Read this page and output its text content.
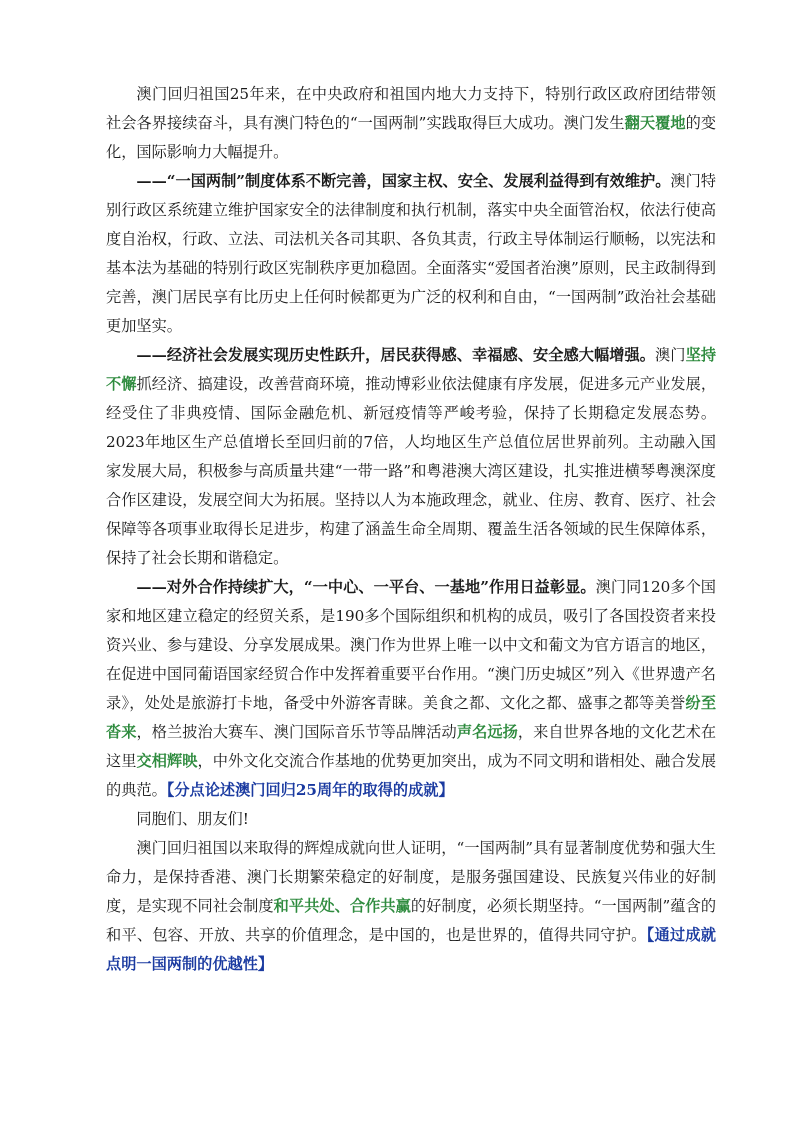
澳门回归祖国25年来，在中央政府和祖国内地大力支持下，特别行政区政府团结带领社会各界接续奋斗，具有澳门特色的“一国两制”实践取得巨大成功。澳门发生翻天覆地的变化，国际影响力大幅提升。

——“一国两制”制度体系不断完善，国家主权、安全、发展利益得到有效维护。澳门特别行政区系统建立维护国家安全的法律制度和执行机制，落实中央全面管治权，依法行使高度自治权，行政、立法、司法机关各司其职、各负其责，行政主导体制运行顺畅，以宪法和基本法为基础的特别行政区宪制秩序更加稳固。全面落实“爱国者治澳”原则，民主政制得到完善，澳门居民享有比历史上任何时候都更为广泛的权利和自由，“一国两制”政治社会基础更加坚实。

——经济社会发展实现历史性跃升，居民获得感、幸福感、安全感大幅增强。澳门坚持不懈抓经济、搞建设，改善营商环境，推动博彩业依法健康有序发展，促进多元产业发展，经受住了非典疫情、国际金融危机、新冠疫情等严峻考验，保持了长期稳定发展态势。2023年地区生产总值增长至回归前的7倍，人均地区生产总值位居世界前列。主动融入国家发展大局，积极参与高质量共建“一带一路”和粤港澳大湾区建设，扎实推进横琴粤澳深度合作区建设，发展空间大为拓展。坚持以人为本施政理念，就业、住房、教育、医疗、社会保障等各项事业取得长足进步，构建了涵盖生命全周期、覆盖生活各领域的民生保障体系，保持了社会长期和谐稳定。

——对外合作持续扩大，“一中心、一平台、一基地”作用日益彰显。澳门同120多个国家和地区建立稳定的经贸关系，是190多个国际组织和机构的成员，吸引了各国投资者来投资兴业、参与建设、分享发展成果。澳门作为世界上唯一以中文和葡文为官方语言的地区，在促进中国同葡语国家经贸合作中发挥着重要平台作用。“澳门历史城区”列入《世界遗产名录》，处处是旅游打卡地，备受中外游客青睐。美食之都、文化之都、盛事之都等美誉纷至沓来，格兰披治大赛车、澳门国际音乐节等品牌活动声名远扬，来自世界各地的文化艺术在这里交相辉映，中外文化交流合作基地的优势更加突出，成为不同文明和谐相处、融合发展的典范。【分点论述澳门回归25周年的取得的成就】

同胞们、朋友们!

澳门回归祖国以来取得的辉煌成就向世人证明，“一国两制”具有显著制度优势和强大生命力，是保持香港、澳门长期繁荣稳定的好制度，是服务强国建设、民族复兴伟业的好制度，是实现不同社会制度和平共处、合作共赢的好制度，必须长期坚持。“一国两制”蕴含的和平、包容、开放、共享的价值理念，是中国的，也是世界的，值得共同守护。【通过成就点明一国两制的优越性】
